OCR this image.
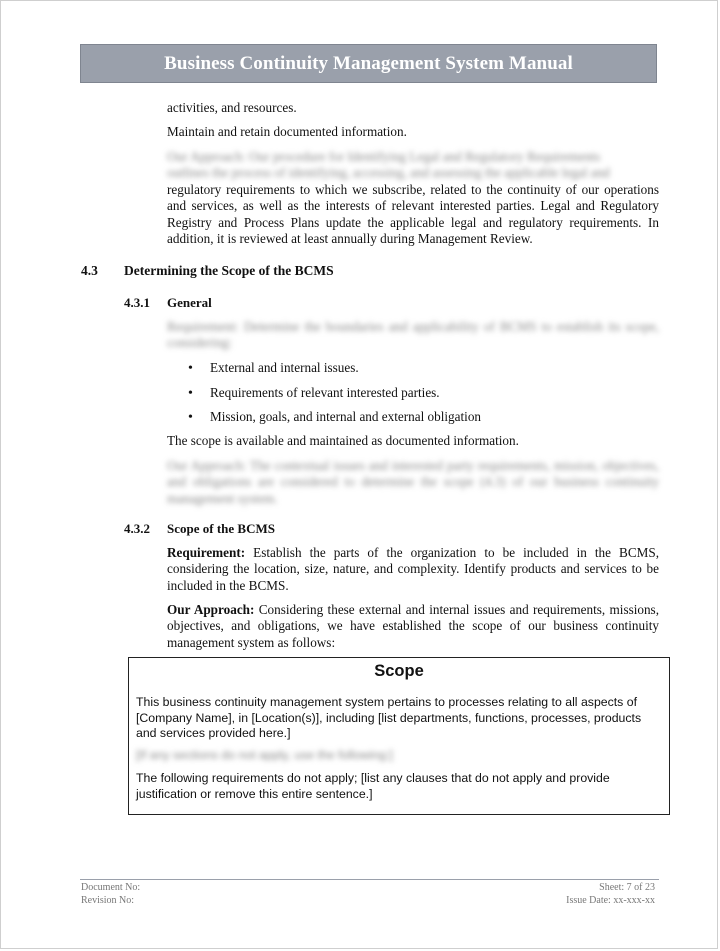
Business Continuity Management System Manual
activities, and resources.
Maintain and retain documented information.
Our Approach: Our procedure for Identifying Legal and Regulatory Requirements
outlines the process of identifying, accessing, and assessing the applicable legal and
regulatory requirements to which we subscribe, related to the continuity of our operations and services, as well as the interests of relevant interested parties. Legal and Regulatory Registry and Process Plans update the applicable legal and regulatory requirements. In addition, it is reviewed at least annually during Management Review.
4.3 Determining the Scope of the BCMS
4.3.1 General
Requirement: Determine the boundaries and applicability of BCMS to establish its scope, considering:
• External and internal issues.
• Requirements of relevant interested parties.
• Mission, goals, and internal and external obligation
The scope is available and maintained as documented information.
Our Approach: The contextual issues and interested party requirements, mission, objectives, and obligations are considered to determine the scope (4.3) of our business continuity management system.
4.3.2 Scope of the BCMS
Requirement: Establish the parts of the organization to be included in the BCMS, considering the location, size, nature, and complexity. Identify products and services to be included in the BCMS.
Our Approach: Considering these external and internal issues and requirements, missions, objectives, and obligations, we have established the scope of our business continuity management system as follows:
Scope
This business continuity management system pertains to processes relating to all aspects of [Company Name], in [Location(s)], including [list departments, functions, processes, products and services provided here.]
[If any sections do not apply, use the following:]
The following requirements do not apply; [list any clauses that do not apply and provide justification or remove this entire sentence.]
Document No:
Revision No:
Sheet: 7 of 23
Issue Date: xx-xxx-xx
